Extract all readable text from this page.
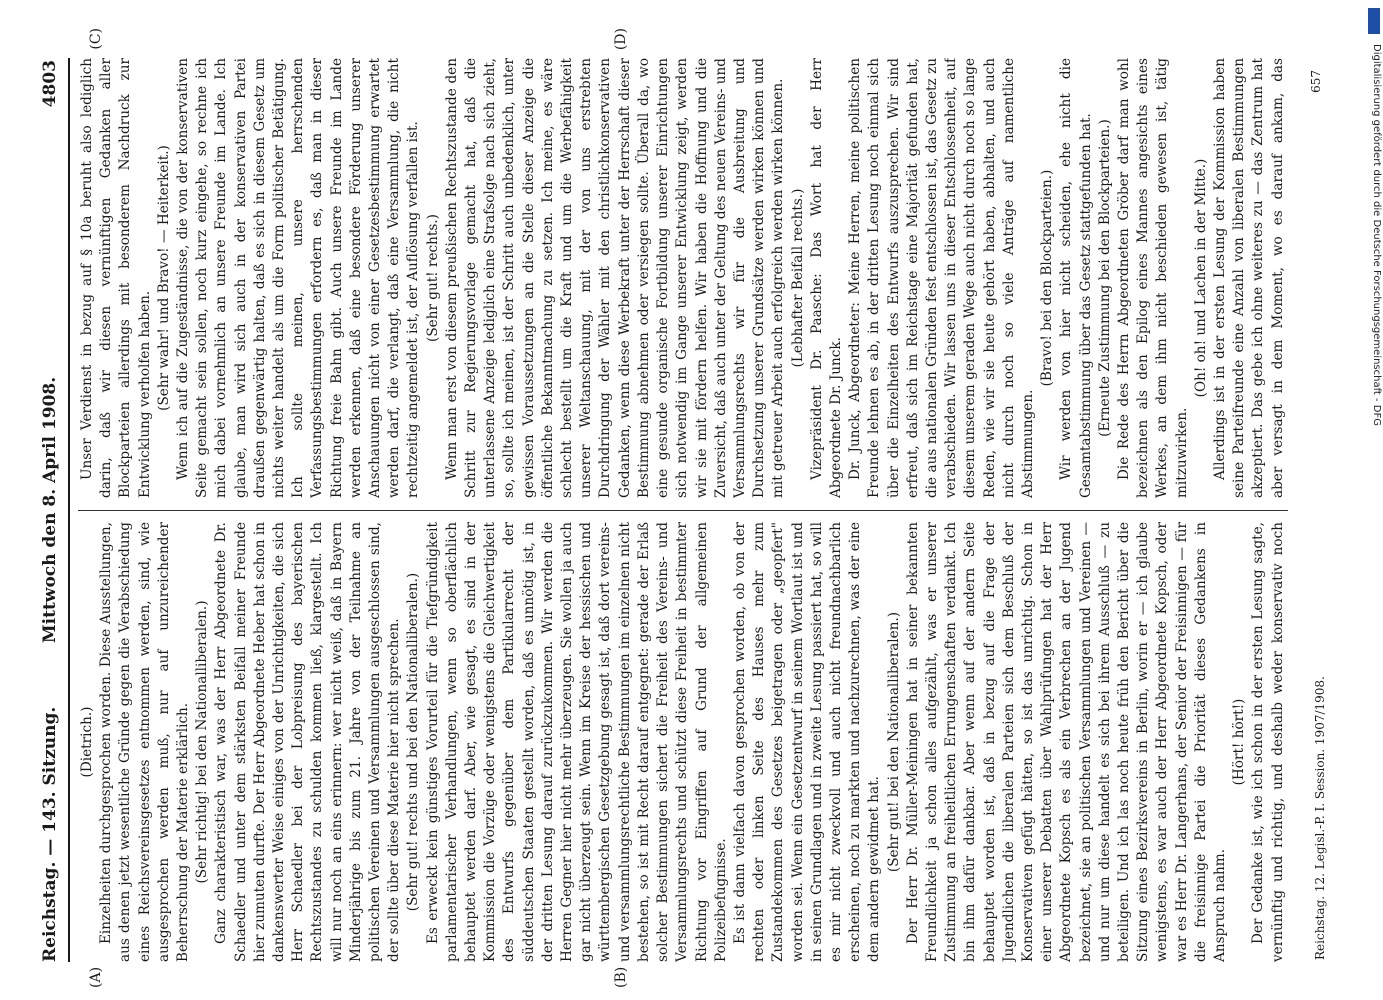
Reichstag. — 143. Sitzung.
Mittwoch den 8. April 1908.
4803
(A)	(B)
(C)	(D)

(Dietrich.) Einzelheiten durchgesprochen worden. Diese Ausstellungen, aus denen jetzt wesentliche Gründe gegen die Verabschiedung eines Reichsvereinsgesetzes entnommen werden, sind, wie ausgesprochen werden muß, nur auf unzureichender Beherrschung der Materie erklärlich. (Sehr richtig! bei den Nationalliberalen.) Ganz charakteristisch war, was der Herr Abgeordnete Dr. Schaedler und unter dem stärksten Beifall meiner Freunde hier zumuten durfte. Der Herr Abgeordnete Heber hat schon in dankenswerter Weise einiges von der Unrichtigkeiten, die sich Herr Schaedler bei der Lobpreisung des bayerischen Rechtszustandes zu schulden kommen ließ, klargestellt. Ich will nur noch an eins erinnern: wer nicht weiß, daß in Bayern Minderjährige bis zum 21. Jahre von der Teilnahme an politischen Vereinen und Versammlungen ausgeschlossen sind, der sollte über diese Materie hier nicht sprechen. (Sehr gut! rechts und bei den Nationalliberalen.) Es erweckt kein günstiges Vorurteil für die Tiefgründigkeit parlamentarischer Verhandlungen, wenn so oberflächlich behauptet werden darf. Aber, wie gesagt, es sind in der Kommission die Vorzüge oder wenigstens die Gleichwertigkeit des Entwurfs gegenüber dem Partikularrecht der süddeutschen Staaten gestellt worden, daß es unnötig ist, in der dritten Lesung darauf zurückzukommen. Wir werden die Herren Gegner hier nicht mehr überzeugen. Sie wollen ja auch gar nicht überzeugt sein. Wenn im Kreise der hessischen und württembergischen Gesetzgebung gesagt ist, daß dort vereins- und versammlungsrechtliche Bestimmungen im einzelnen nicht bestehen, so ist mit Recht darauf entgegnet: gerade der Erlaß solcher Bestimmungen sichert die Freiheit des Vereins- und Versammlungsrechts und schützt diese Freiheit in bestimmter Richtung vor Eingriffen auf Grund der allgemeinen Polizeibefugnisse. Es ist dann vielfach davon gesprochen worden, ob von der rechten oder linken Seite des Hauses mehr zum Zustandekommen des Gesetzes beigetragen oder „geopfert" worden sei. Wenn ein Gesetzentwurf in seinem Wortlaut ist und in seinen Grundlagen und in zweite Lesung passiert hat, so will es mir nicht zweckvoll und auch nicht freundnachbarlich erscheinen, noch zu markten und nachzurechnen, was der eine dem andern gewidmet hat. (Sehr gut! bei den Nationalliberalen.) Der Herr Dr. Müller-Meiningen hat in seiner bekannten Freundlichkeit ja schon alles aufgezählt, was er unserer Zustimmung an freiheitlichen Errungenschaften verdankt. Ich bin ihm dafür dankbar. Aber wenn auf der andern Seite behauptet worden ist, daß in bezug auf die Frage der Jugendlichen die liberalen Parteien sich dem Beschluß der Konservativen gefügt hätten, so ist das unrichtig. Schon in einer unserer Debatten über Wahlprüfungen hat der Herr Abgeordnete Kopsch es als ein Verbrechen an der Jugend bezeichnet, sie an politischen Versammlungen und Vereinen — und nur um diese handelt es sich bei ihrem Ausschluß — zu beteiligen. Und ich las noch heute früh den Bericht über die Sitzung eines Bezirksvereins in Berlin, worin er — ich glaube wenigstens, es war auch der Herr Abgeordnete Kopsch, oder war es Herr Dr. Langerhans, der Senior der Freisinnigen — für die freisinnige Partei die Priorität dieses Gedankens in Anspruch nahm.

(Hört! hört!)

Der Gedanke ist, wie ich schon in der ersten Lesung sagte, vernünftig und richtig, und deshalb weder konservativ noch

Unser Verdienst in bezug auf § 10a beruht also lediglich darin, daß wir diesen vernünftigen Gedanken aller Blockparteien allerdings mit besonderem Nachdruck zur Entwicklung verholfen haben. (Sehr wahr! und Bravo! — Heiterkeit.) Wenn ich auf die Zugeständnisse, die von der konservativen Seite gemacht sein sollen, noch kurz eingehe, so rechne ich mich dabei vornehmlich an unsere Freunde im Lande. Ich glaube, man wird sich auch in der konservativen Partei draußen gegenwärtig halten, daß es sich in diesem Gesetz um nichts weiter handelt als um die Form politischer Betätigung. Ich sollte meinen, unsere herrschenden Verfassungsbestimmungen erfordern es, daß man in dieser Richtung freie Bahn gibt. Auch unsere Freunde im Lande werden erkennen, daß eine besondere Förderung unserer Anschauungen nicht von einer Gesetzesbestimmung erwartet werden darf, die verlangt, daß eine Versammlung, die nicht rechtzeitig angemeldet ist, der Auflösung verfallen ist. (Sehr gut! rechts.) Wenn man erst von diesem preußischen Rechtszustande den Schritt zur Regierungsvorlage gemacht hat, daß die unterlassene Anzeige lediglich eine Strafsolge nach sich zieht, so, sollte ich meinen, ist der Schritt auch unbedenklich, unter gewissen Voraussetzungen an die Stelle dieser Anzeige die öffentliche Bekanntmachung zu setzen. Ich meine, es wäre schlecht bestellt um die Kraft und um die Werbefähigkeit unserer Weltanschauung, mit der von uns erstrebten Durchdringung der Wähler mit den christlichkonservativen Gedanken, wenn diese Werbekraft unter der Herrschaft dieser Bestimmung abnehmen oder versiegen sollte. Überall da, wo eine gesunde organische Fortbildung unserer Einrichtungen sich notwendig im Gange unserer Entwicklung zeigt, werden wir sie mit fördern helfen. Wir haben die Hoffnung und die Zuversicht, daß auch unter der Geltung des neuen Vereins- und Versammlungsrechts wir für die Ausbreitung und Durchsetzung unserer Grundsätze werden wirken können und mit getreuer Arbeit auch erfolgreich werden wirken können. (Lebhafter Beifall rechts.) Vizepräsident Dr. Paasche: Das Wort hat der Herr Abgeordnete Dr. Junck. Dr. Junck, Abgeordneter: Meine Herren, meine politischen Freunde lehnen es ab, in der dritten Lesung noch einmal sich über die Einzelheiten des Entwurfs auszusprechen. Wir sind erfreut, daß sich im Reichstage eine Majorität gefunden hat, die aus nationalen Gründen fest entschlossen ist, das Gesetz zu verabschieden. Wir lassen uns in dieser Entschlossenheit, auf diesem unserem geraden Wege auch nicht durch noch so lange Reden, wie wir sie heute gehört haben, abhalten, und auch nicht durch noch so viele Anträge auf namentliche Abstimmungen.

(Bravo! bei den Blockparteien.) Wir werden von hier nicht scheiden, ehe nicht die Gesamtabstimmung über das Gesetz stattgefunden hat. (Erneute Zustimmung bei den Blockparteien.) Die Rede des Herrn Abgeordneten Gröber darf man wohl bezeichnen als den Epilog eines Mannes angesichts eines Werkes, an dem ihm nicht beschieden gewesen ist, tätig mitzuwirken.

(Oh! oh! und Lachen in der Mitte.)

Allerdings ist in der ersten Lesung der Kommission haben seine Parteifreunde eine Anzahl von liberalen Bestimmungen akzeptiert. Das gebe ich ohne weiteres zu — das Zentrum hat aber versagt in dem Moment, wo es darauf ankam, das

Reichstag. 12. Legisl.-P. I. Session. 1907/1908.
657	Digitalisierung gefördert durch die Deutsche Forschungsgemeinschaft - DFG
